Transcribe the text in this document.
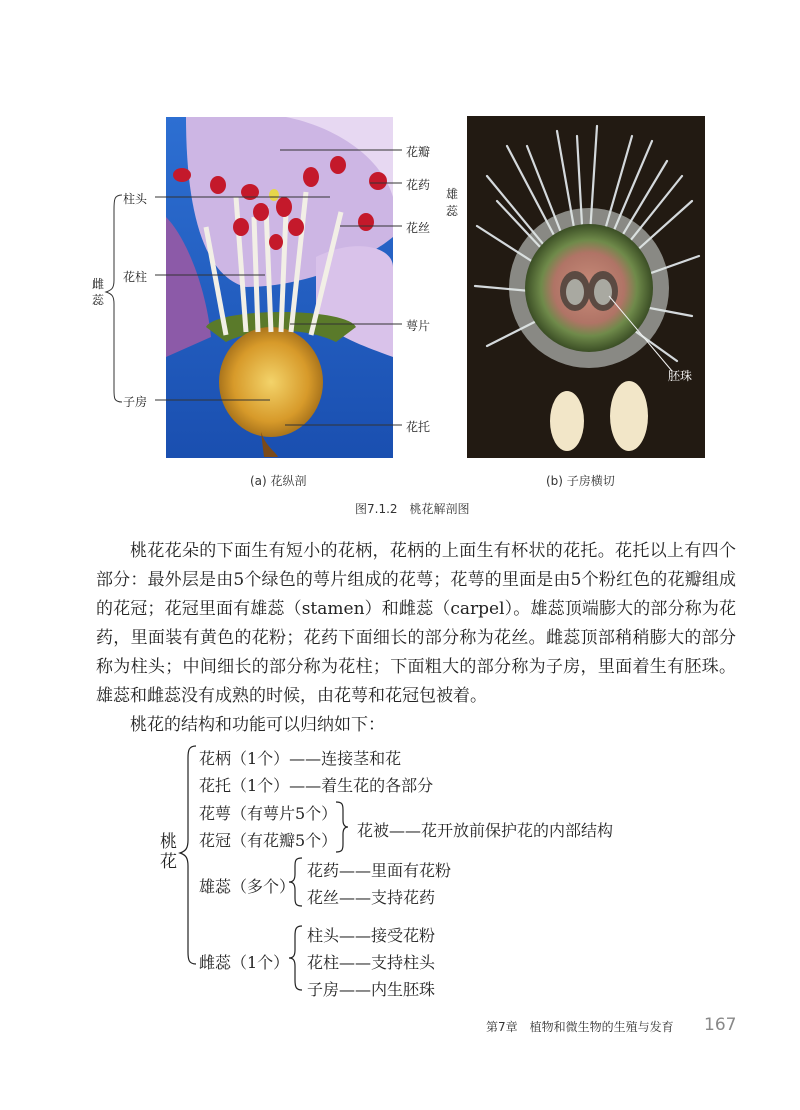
柱头
花柱
雌蕊
子房
花瓣
花药
雄蕊
花丝
萼片
花托
胚珠
(a) 花纵剖	(b) 子房横切
图7.1.2　桃花解剖图

桃花花朵的下面生有短小的花柄，花柄的上面生有杯状的花托。花托以上有四个部分：最外层是由5个绿色的萼片组成的花萼；花萼的里面是由5个粉红色的花瓣组成的花冠；花冠里面有雄蕊（stamen）和雌蕊（carpel）。雄蕊顶端膨大的部分称为花药，里面装有黄色的花粉；花药下面细长的部分称为花丝。雌蕊顶部稍稍膨大的部分称为柱头；中间细长的部分称为花柱；下面粗大的部分称为子房，里面着生有胚珠。雄蕊和雌蕊没有成熟的时候，由花萼和花冠包被着。

桃花的结构和功能可以归纳如下：

桃花
花柄（1个）——连接茎和花
花托（1个）——着生花的各部分
花萼（有萼片5个）
花冠（有花瓣5个）
花被——花开放前保护花的内部结构
雄蕊（多个）
花药——里面有花粉
花丝——支持花药
雌蕊（1个）
柱头——接受花粉
花柱——支持柱头
子房——内生胚珠
第7章　植物和微生物的生殖与发育 167
